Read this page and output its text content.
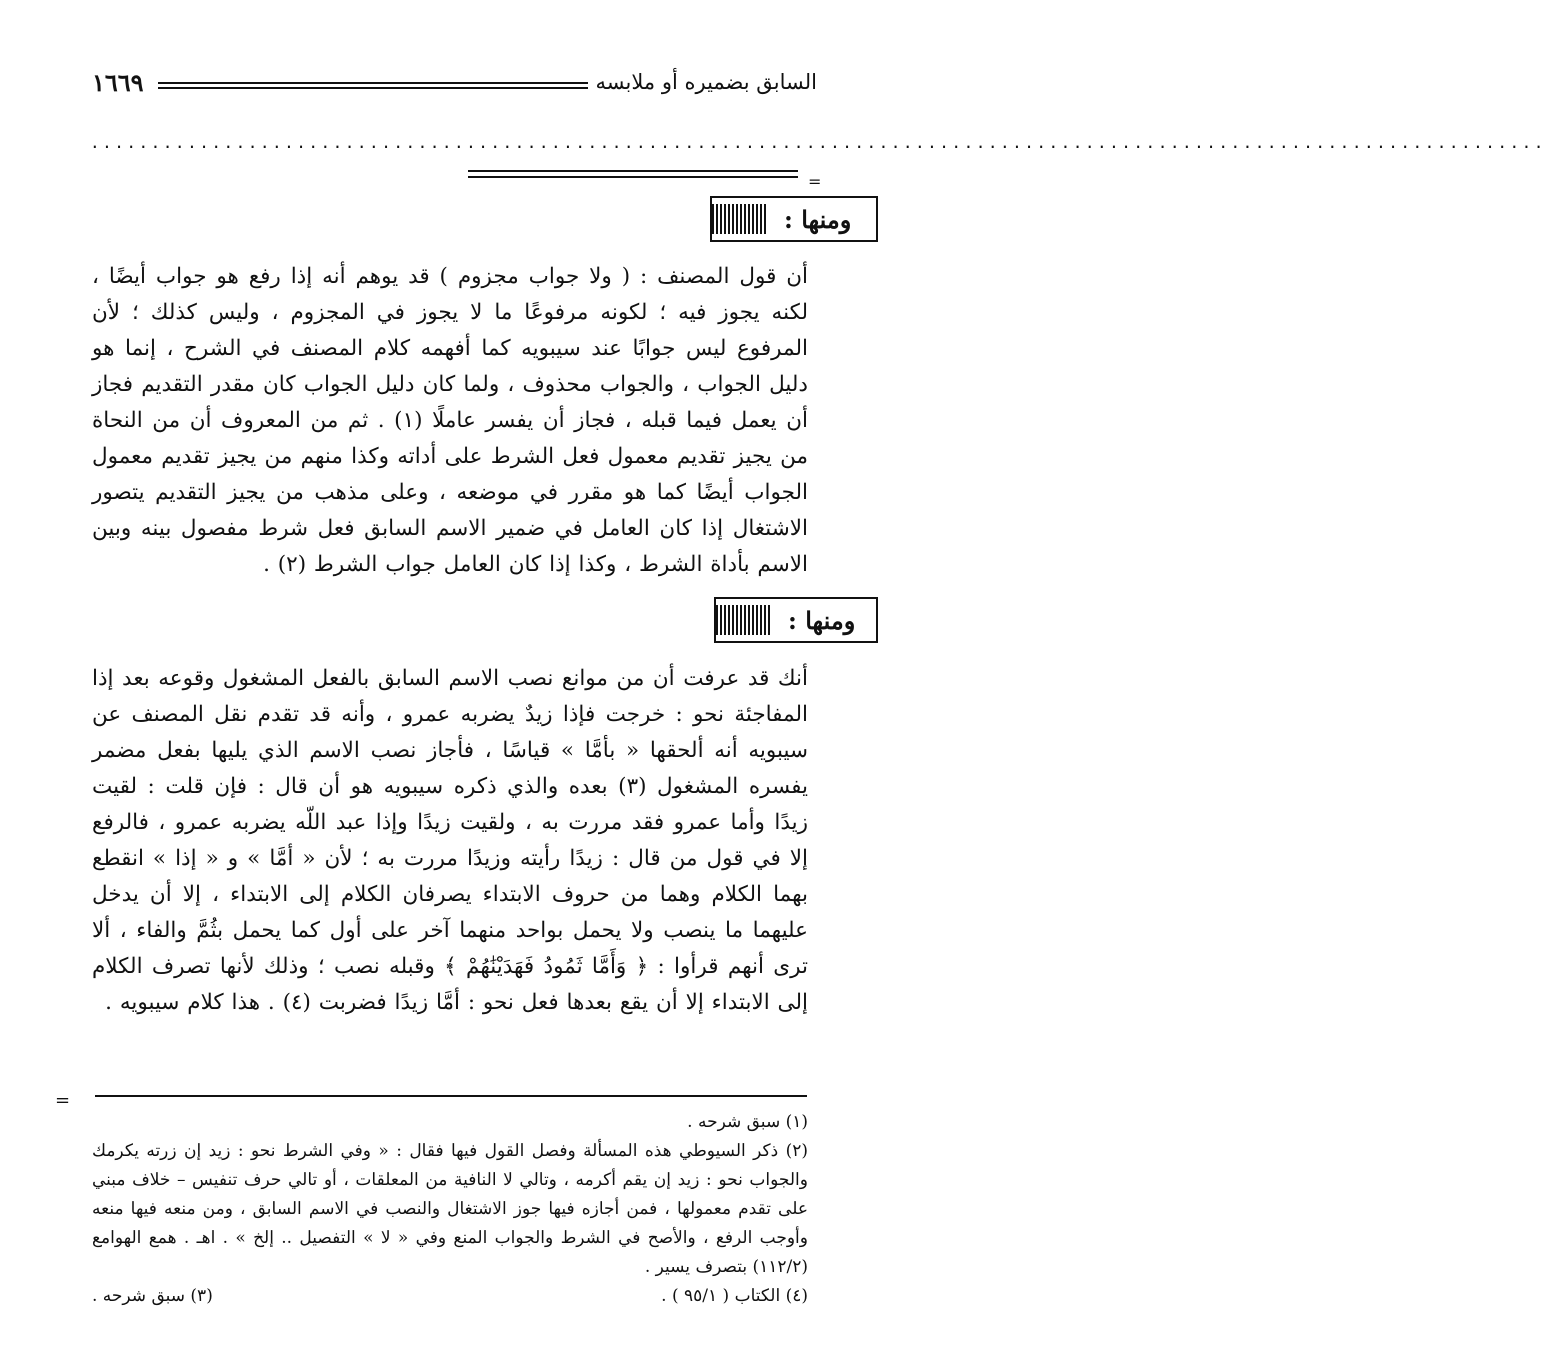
السابق بضميره أو ملابسه
١٦٦٩
........................................................................................................................
=
ومنها :
أن قول المصنف : ( ولا جواب مجزوم ) قد يوهم أنه إذا رفع هو جواب أيضًا ، لكنه يجوز فيه ؛ لكونه مرفوعًا ما لا يجوز في المجزوم ، وليس كذلك ؛ لأن المرفوع ليس جوابًا عند سيبويه كما أفهمه كلام المصنف في الشرح ، إنما هو دليل الجواب ، والجواب محذوف ، ولما كان دليل الجواب كان مقدر التقديم فجاز أن يعمل فيما قبله ، فجاز أن يفسر عاملًا (١) . ثم من المعروف أن من النحاة من يجيز تقديم معمول فعل الشرط على أداته وكذا منهم من يجيز تقديم معمول الجواب أيضًا كما هو مقرر في موضعه ، وعلى مذهب من يجيز التقديم يتصور الاشتغال إذا كان العامل في ضمير الاسم السابق فعل شرط مفصول بينه وبين الاسم بأداة الشرط ، وكذا إذا كان العامل جواب الشرط (٢) .
ومنها :
أنك قد عرفت أن من موانع نصب الاسم السابق بالفعل المشغول وقوعه بعد إذا المفاجئة نحو : خرجت فإذا زيدٌ يضربه عمرو ، وأنه قد تقدم نقل المصنف عن سيبويه أنه ألحقها « بأمَّا » قياسًا ، فأجاز نصب الاسم الذي يليها بفعل مضمر يفسره المشغول (٣) بعده والذي ذكره سيبويه هو أن قال : فإن قلت : لقيت زيدًا وأما عمرو فقد مررت به ، ولقيت زيدًا وإذا عبد اللّه يضربه عمرو ، فالرفع إلا في قول من قال : زيدًا رأيته وزيدًا مررت به ؛ لأن « أمَّا » و « إذا » انقطع بهما الكلام وهما من حروف الابتداء يصرفان الكلام إلى الابتداء ، إلا أن يدخل عليهما ما ينصب ولا يحمل بواحد منهما آخر على أول كما يحمل بثُمَّ والفاء ، ألا ترى أنهم قرأوا : ﴿ وَأَمَّا ثَمُودُ فَهَدَيْنَٰهُمْ ﴾ وقبله نصب ؛ وذلك لأنها تصرف الكلام إلى الابتداء إلا أن يقع بعدها فعل نحو : أمَّا زيدًا فضربت (٤) . هذا كلام سيبويه .
=
(١) سبق شرحه .
(٢) ذكر السيوطي هذه المسألة وفصل القول فيها فقال : « وفي الشرط نحو : زيد إن زرته يكرمك والجواب نحو : زيد إن يقم أكرمه ، وتالي لا النافية من المعلقات ، أو تالي حرف تنفيس – خلاف مبني على تقدم معمولها ، فمن أجازه فيها جوز الاشتغال والنصب في الاسم السابق ، ومن منعه فيها منعه وأوجب الرفع ، والأصح في الشرط والجواب المنع وفي « لا » التفصيل .. إلخ » . اهـ . همع الهوامع (١١٢/٢) بتصرف يسير .
(٣) سبق شرحه .	(٤) الكتاب ( ٩٥/١ ) .
